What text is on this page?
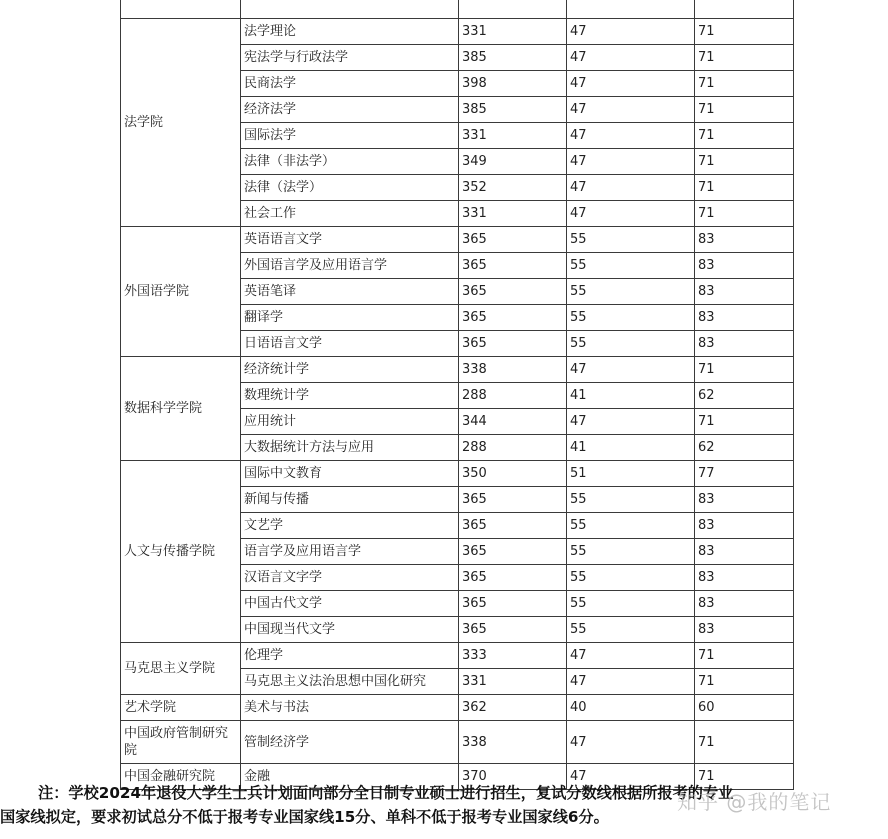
法学院	法学理论	331	47	71
	宪法学与行政法学	385	47	71
	民商法学	398	47	71
	经济法学	385	47	71
	国际法学	331	47	71
	法律（非法学）	349	47	71
	法律（法学）	352	47	71
	社会工作	331	47	71
外国语学院	英语语言文学	365	55	83
	外国语言学及应用语言学	365	55	83
	英语笔译	365	55	83
	翻译学	365	55	83
	日语语言文学	365	55	83
数据科学学院	经济统计学	338	47	71
	数理统计学	288	41	62
	应用统计	344	47	71
	大数据统计方法与应用	288	41	62
人文与传播学院	国际中文教育	350	51	77
	新闻与传播	365	55	83
	文艺学	365	55	83
	语言学及应用语言学	365	55	83
	汉语言文字学	365	55	83
	中国古代文学	365	55	83
	中国现当代文学	365	55	83
马克思主义学院	伦理学	333	47	71
	马克思主义法治思想中国化研究	331	47	71
艺术学院	美术与书法	362	40	60
中国政府管制研究院	管制经济学	338	47	71
中国金融研究院	金融	370	47	71
注：学校2024年退役大学生士兵计划面向部分全日制专业硕士进行招生，复试分数线根据所报考的专业
国家线拟定，要求初试总分不低于报考专业国家线15分、单科不低于报考专业国家线6分。
知乎 @我的笔记
